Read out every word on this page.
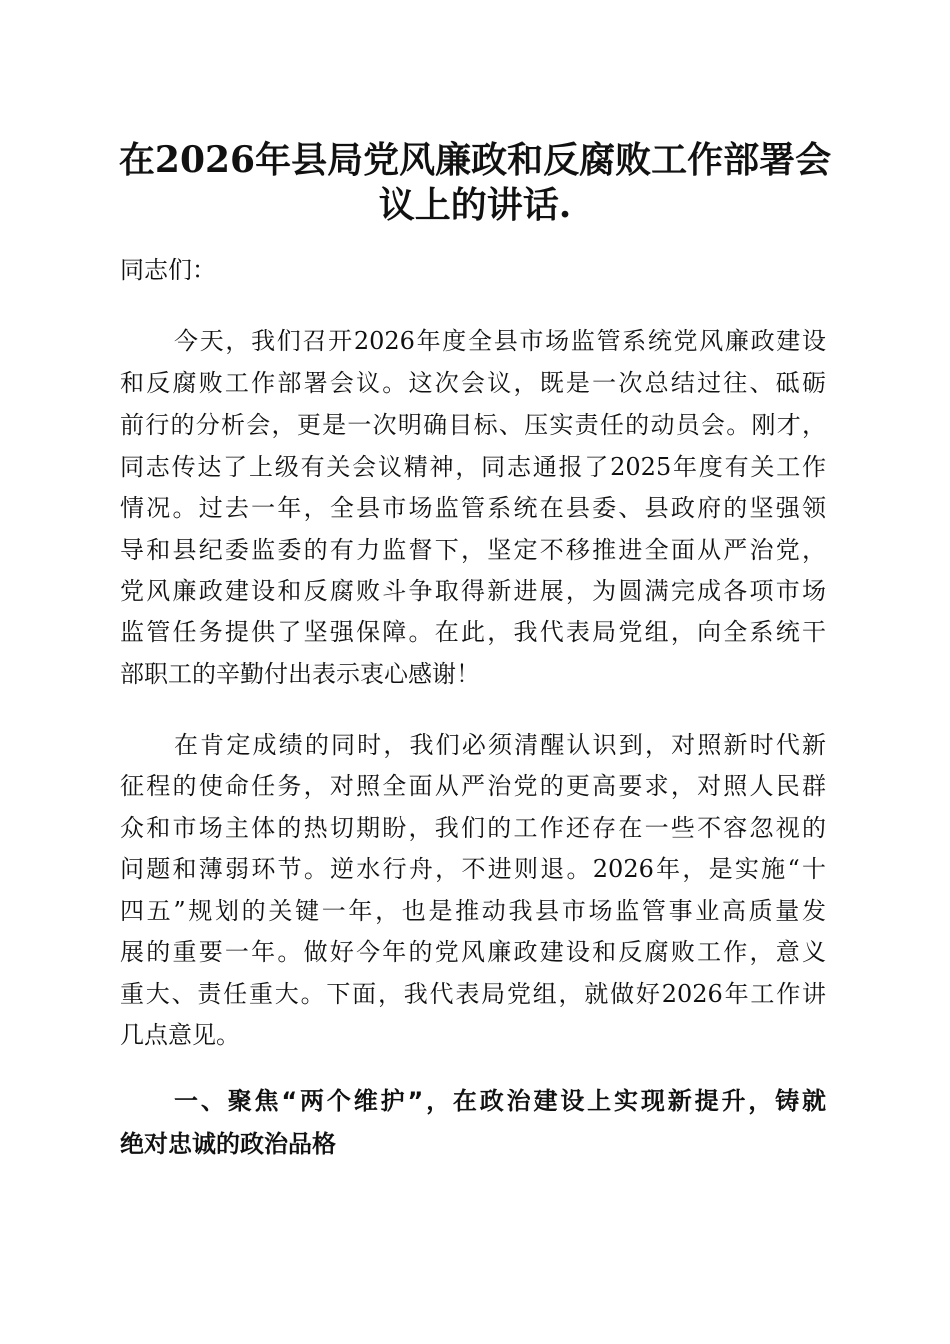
在2026年县局党风廉政和反腐败工作部署会
议上的讲话.
同志们：
今天，我们召开2026年度全县市场监管系统党风廉政建设
和反腐败工作部署会议。这次会议，既是一次总结过往、砥砺
前行的分析会，更是一次明确目标、压实责任的动员会。刚才，
同志传达了上级有关会议精神，同志通报了2025年度有关工作
情况。过去一年，全县市场监管系统在县委、县政府的坚强领
导和县纪委监委的有力监督下，坚定不移推进全面从严治党，
党风廉政建设和反腐败斗争取得新进展，为圆满完成各项市场
监管任务提供了坚强保障。在此，我代表局党组，向全系统干
部职工的辛勤付出表示衷心感谢！
在肯定成绩的同时，我们必须清醒认识到，对照新时代新
征程的使命任务，对照全面从严治党的更高要求，对照人民群
众和市场主体的热切期盼，我们的工作还存在一些不容忽视的
问题和薄弱环节。逆水行舟，不进则退。2026年，是实施“十
四五”规划的关键一年，也是推动我县市场监管事业高质量发
展的重要一年。做好今年的党风廉政建设和反腐败工作，意义
重大、责任重大。下面，我代表局党组，就做好2026年工作讲
几点意见。
一、聚焦“两个维护”，在政治建设上实现新提升，铸就
绝对忠诚的政治品格
